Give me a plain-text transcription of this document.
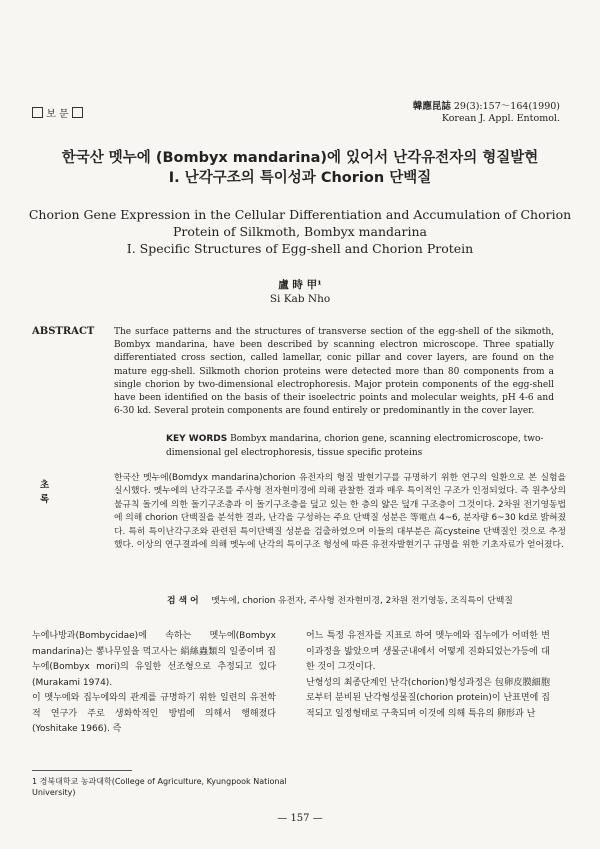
보 문
韓應昆誌 29(3):157～164(1990)
Korean J. Appl. Entomol.
한국산 멧누에 (Bombyx mandarina)에 있어서 난각유전자의 형질발현
I. 난각구조의 특이성과 Chorion 단백질
Chorion Gene Expression in the Cellular Differentiation and Accumulation of Chorion
Protein of Silkmoth, Bombyx mandarina
I. Specific Structures of Egg-shell and Chorion Protein
盧 時 甲¹
Si Kab Nho
ABSTRACT The surface patterns and the structures of transverse section of the egg-shell of the sikmoth, Bombyx mandarina, have been described by scanning electron microscope. Three spatially differentiated cross section, called lamellar, conic pillar and cover layers, are found on the mature egg-shell. Silkmoth chorion proteins were detected more than 80 components from a single chorion by two-dimensional electrophoresis. Major protein components of the egg-shell have been identified on the basis of their isoelectric points and molecular weights, pH 4-6 and 6-30 kd. Several protein components are found entirely or predominantly in the cover layer.
KEY WORDS Bombyx mandarina, chorion gene, scanning electromicroscope, two-dimensional gel electrophoresis, tissue specific proteins
초록
한국산 멧누에(Bomdyx mandarina)chorion 유전자의 형질 발현기구를 규명하기 위한 연구의 일환으로 본 실험을 실시했다. 멧누에의 난각구조를 주사형 전자현미경에 의해 관찰한 결과 매우 특이적인 구조가 인정되었다. 즉 원추상의 불규칙 돌기에 의한 돌기구조층과 이 돌기구조층을 덮고 있는 한 층의 얇은 덮개 구조층이 그것이다. 2차원 전기영동법에 의해 chorion 단백질을 분석한 결과, 난각을 구성하는 주요 단백질 성분은 等電点 4~6, 분자량 6~30 kd로 밝혀졌다. 특히 특이난각구조와 관련된 특이단백질 성분을 검출하였으며 이들의 대부분은 高cysteine 단백질인 것으로 추정했다. 이상의 연구결과에 의해 멧누에 난각의 특이구조 형성에 따른 유전자발현기구 규명을 위한 기초자료가 얻어졌다.
검 색 어 멧누에, chorion 유전자, 주사형 전자현미경, 2차원 전기영동, 조직특이 단백질

누에나방과(Bombycidae)에 속하는 멧누에(Bombyx mandarina)는 뽕나무잎을 먹고사는 絹絲蟲類의 일종이며 집누에(Bombyx mori)의 유일한 선조형으로 추정되고 있다(Murakami 1974).

이 멧누에와 집누에와의 관계를 규명하기 위한 일련의 유전학적 연구가 주로 생화학적인 방법에 의해서 행해졌다(Yoshitake 1966). 즉

어느 특정 유전자를 지표로 하여 멧누에와 집누에가 어떠한 변이과정을 밟았으며 생물군내에서 어떻게 진화되었는가등에 대한 것이 그것이다.

난형성의 최종단계인 난각(chorion)형성과정은 包卵皮膜細胞로부터 분비된 난각형성물질(chorion protein)이 난표면에 집적되고 일정형태로 구축되며 이것에 의해 특유의 卵形과 난

1 경북대학교 농과대학(College of Agriculture, Kyungpook National University)
— 157 —
